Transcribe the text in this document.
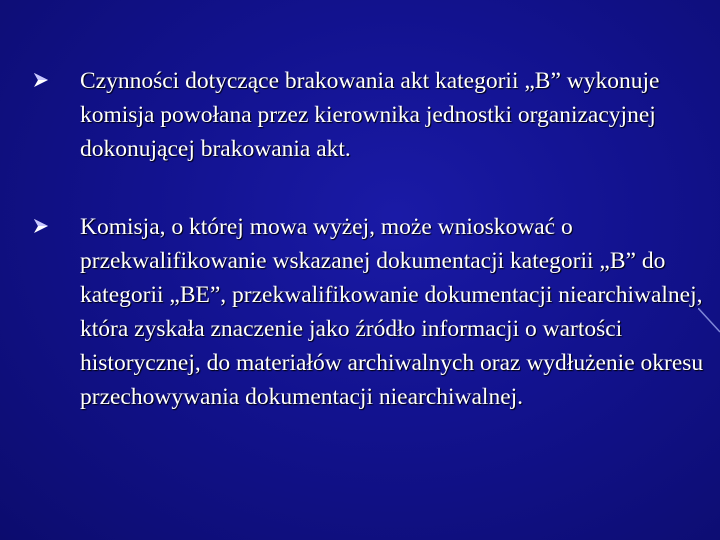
Czynności dotyczące brakowania akt kategorii „B” wykonuje komisja powołana przez kierownika jednostki organizacyjnej dokonującej brakowania akt.
Komisja, o której mowa wyżej, może wnioskować o przekwalifikowanie wskazanej dokumentacji kategorii „B” do kategorii „BE”, przekwalifikowanie dokumentacji niearchiwalnej, która zyskała znaczenie jako źródło informacji o wartości historycznej, do materiałów archiwalnych oraz wydłużenie okresu przechowywania dokumentacji niearchiwalnej.
